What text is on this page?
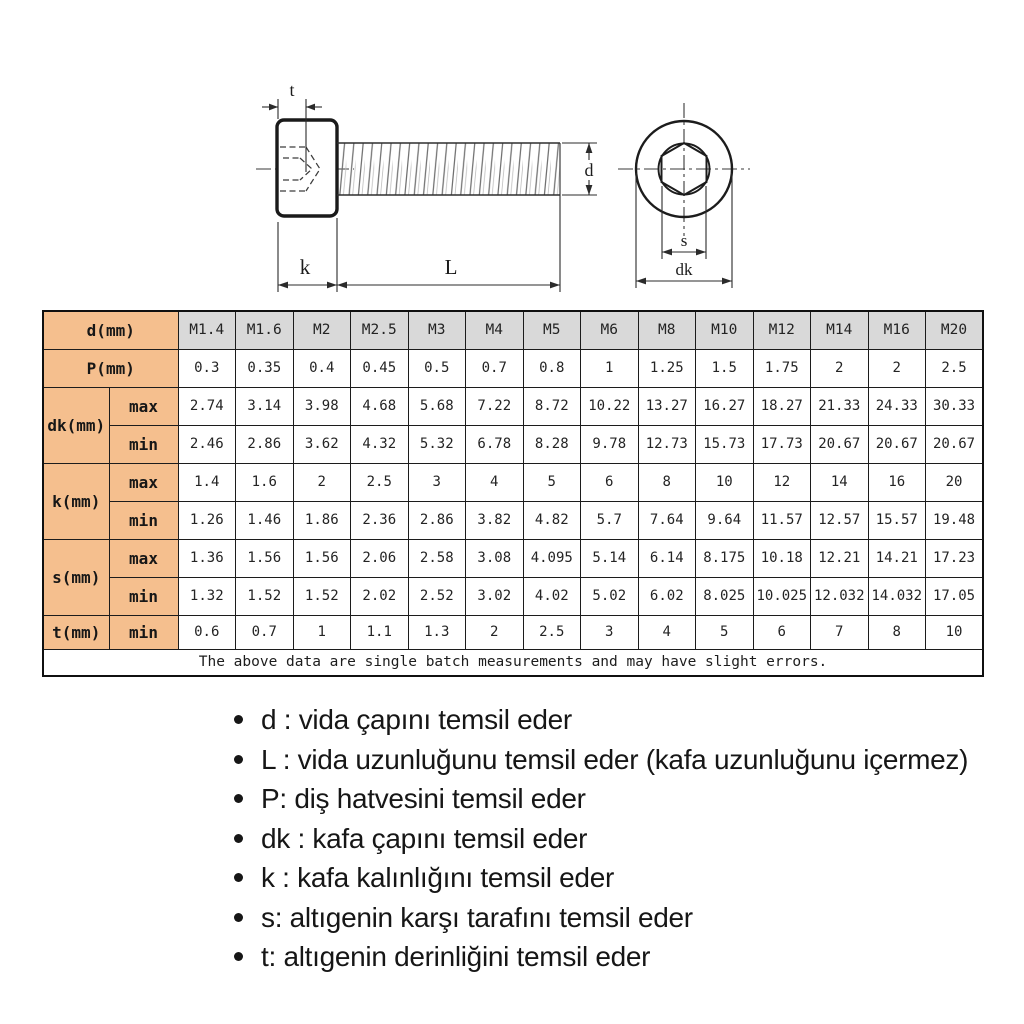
t
d
k	L
s
dk
d(mm)		M1.4	M1.6	M2	M2.5	M3	M4	M5	M6	M8	M10	M12	M14	M16	M20
P(mm)		0.3	0.35	0.4	0.45	0.5	0.7	0.8	1	1.25	1.5	1.75	2	2	2.5
dk(mm)	max	2.74	3.14	3.98	4.68	5.68	7.22	8.72	10.22	13.27	16.27	18.27	21.33	24.33	30.33
	min	2.46	2.86	3.62	4.32	5.32	6.78	8.28	9.78	12.73	15.73	17.73	20.67	20.67	20.67
k(mm)	max	1.4	1.6	2	2.5	3	4	5	6	8	10	12	14	16	20
	min	1.26	1.46	1.86	2.36	2.86	3.82	4.82	5.7	7.64	9.64	11.57	12.57	15.57	19.48
s(mm)	max	1.36	1.56	1.56	2.06	2.58	3.08	4.095	5.14	6.14	8.175	10.18	12.21	14.21	17.23
	min	1.32	1.52	1.52	2.02	2.52	3.02	4.02	5.02	6.02	8.025	10.025	12.032	14.032	17.05
t(mm)	min	0.6	0.7	1	1.1	1.3	2	2.5	3	4	5	6	7	8	10
The above data are single batch measurements and may have slight errors.															
d : vida çapını temsil eder
L : vida uzunluğunu temsil eder (kafa uzunluğunu içermez)
P: diş hatvesini temsil eder
dk : kafa çapını temsil eder
k : kafa kalınlığını temsil eder
s: altıgenin karşı tarafını temsil eder
t: altıgenin derinliğini temsil eder
